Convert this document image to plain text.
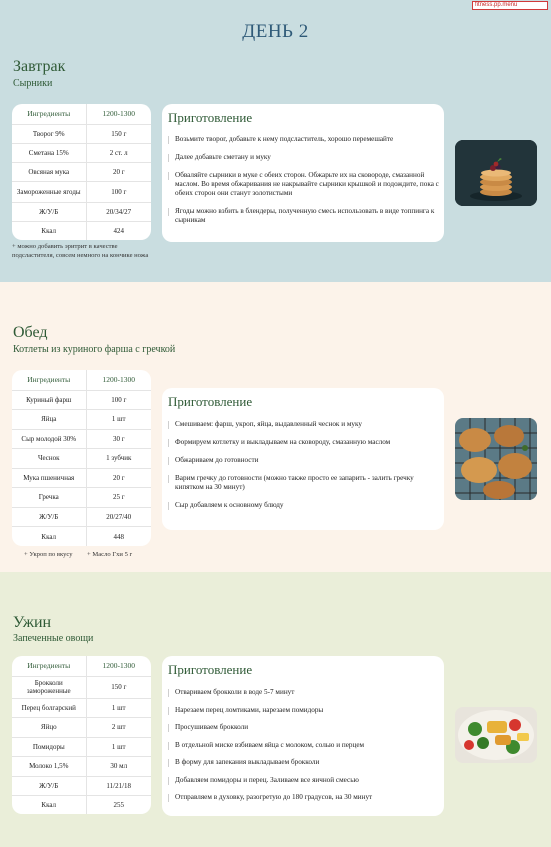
fitness.pp.menu
ДЕНЬ 2
Завтрак
Сырники
Ингредиенты	1200-1300
Творог 9%	150 г
Сметана 15%	2 ст. л
Овсяная мука	20 г
Замороженные ягоды	100 г
Ж/У/Б	20/34/27
Ккал	424
+ можно добавить эритрит в качестве подсластителя, совсем немного на кончике ножа
Приготовление
Возьмите творог, добавьте к нему подсластитель, хорошо перемешайте
Далее добавьте сметану и муку
Обваляйте сырники в муке с обеих сторон. Обжарьте их на сковороде, смазанной маслом. Во время обжаривания не накрывайте сырники крышкой и подождите, пока с обеих сторон они станут золотистыми
Ягоды можно взбить в блендеры, полученную смесь использовать в виде топпинга к сырникам
Обед
Котлеты из куриного фарша с гречкой
Ингредиенты	1200-1300
Куриный фарш	100 г
Яйца	1 шт
Сыр молодой 30%	30 г
Чеснок	1 зубчик
Мука пшеничная	20 г
Гречка	25 г
Ж/У/Б	20/27/40
Ккал	448
+ Укроп по вкусу + Масло Гхи 5 г
Приготовление
Смешиваем: фарш, укроп, яйца, выдавленный чеснок и муку
Формируем котлетку и выкладываем на сковороду, смазанную маслом
Обжариваем до готовности
Варим гречку до готовности (можно также просто ее запарить - залить гречку кипятком на 30 минут)
Сыр добавляем к основному блюду
Ужин
Запеченные овощи
Ингредиенты	1200-1300
Брокколи замороженные	150 г
Перец болгарский	1 шт
Яйцо	2 шт
Помидоры	1 шт
Молоко 1,5%	30 мл
Ж/У/Б	11/21/18
Ккал	255
Приготовление
Отвариваем брокколи в воде 5-7 минут
Нарезаем перец ломтиками, нарезаем помидоры
Просушиваем брокколи
В отдельной миске взбиваем яйца с молоком, солью и перцем
В форму для запекания выкладываем брокколи
Добавляем помидоры и перец. Заливаем все яичной смесью
Отправляем в духовку, разогретую до 180 градусов, на 30 минут
